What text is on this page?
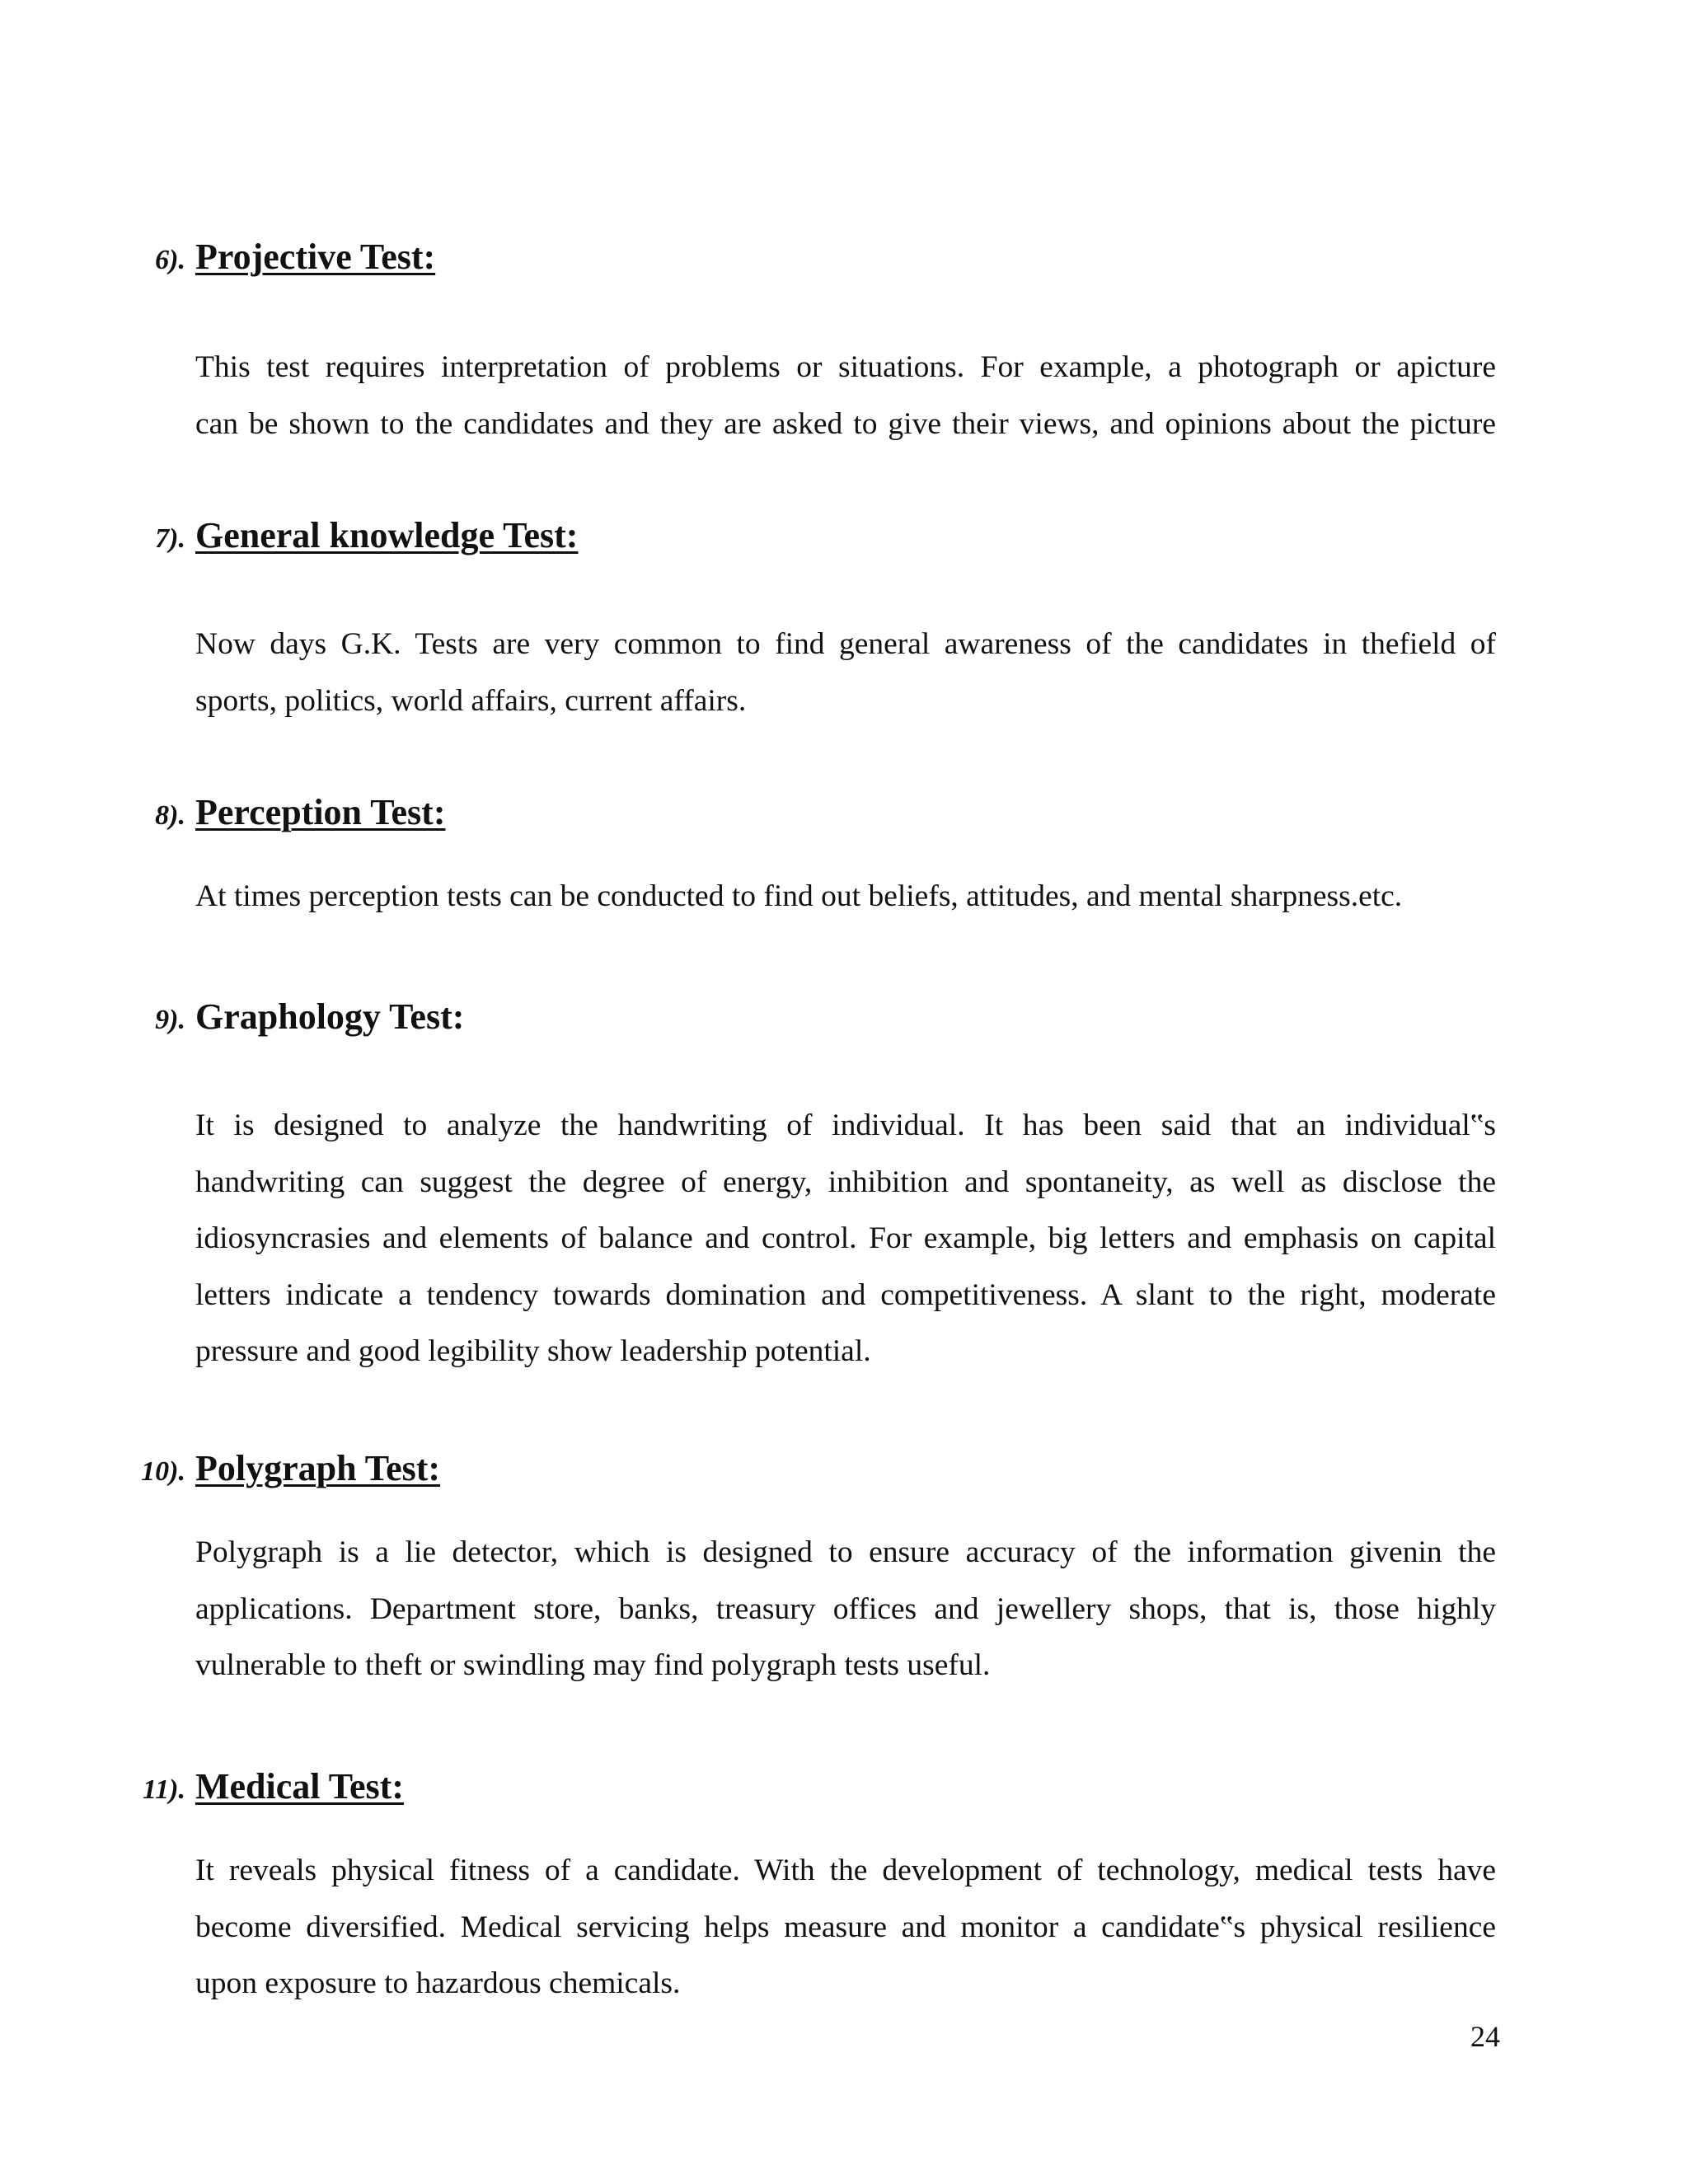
6). Projective Test:
This test requires interpretation of problems or situations. For example, a photograph or apicture
can be shown to the candidates and they are asked to give their views, and opinions about the picture
7). General knowledge Test:
Now days G.K. Tests are very common to find general awareness of the candidates in thefield of
sports, politics, world affairs, current affairs.
8). Perception Test:
At times perception tests can be conducted to find out beliefs, attitudes, and mental sharpness.etc.
9). Graphology Test:
It is designed to analyze the handwriting of individual. It has been said that an individual‟s
handwriting can suggest the degree of energy, inhibition and spontaneity, as well as disclose the
idiosyncrasies and elements of balance and control. For example, big letters and emphasis on capital
letters indicate a tendency towards domination and competitiveness. A slant to the right, moderate
pressure and good legibility show leadership potential.
10). Polygraph Test:
Polygraph is a lie detector, which is designed to ensure accuracy of the information givenin the
applications. Department store, banks, treasury offices and jewellery shops, that is, those highly
vulnerable to theft or swindling may find polygraph tests useful.
11). Medical Test:
It reveals physical fitness of a candidate. With the development of technology, medical tests have
become diversified. Medical servicing helps measure and monitor a candidate‟s physical resilience
upon exposure to hazardous chemicals.
24
